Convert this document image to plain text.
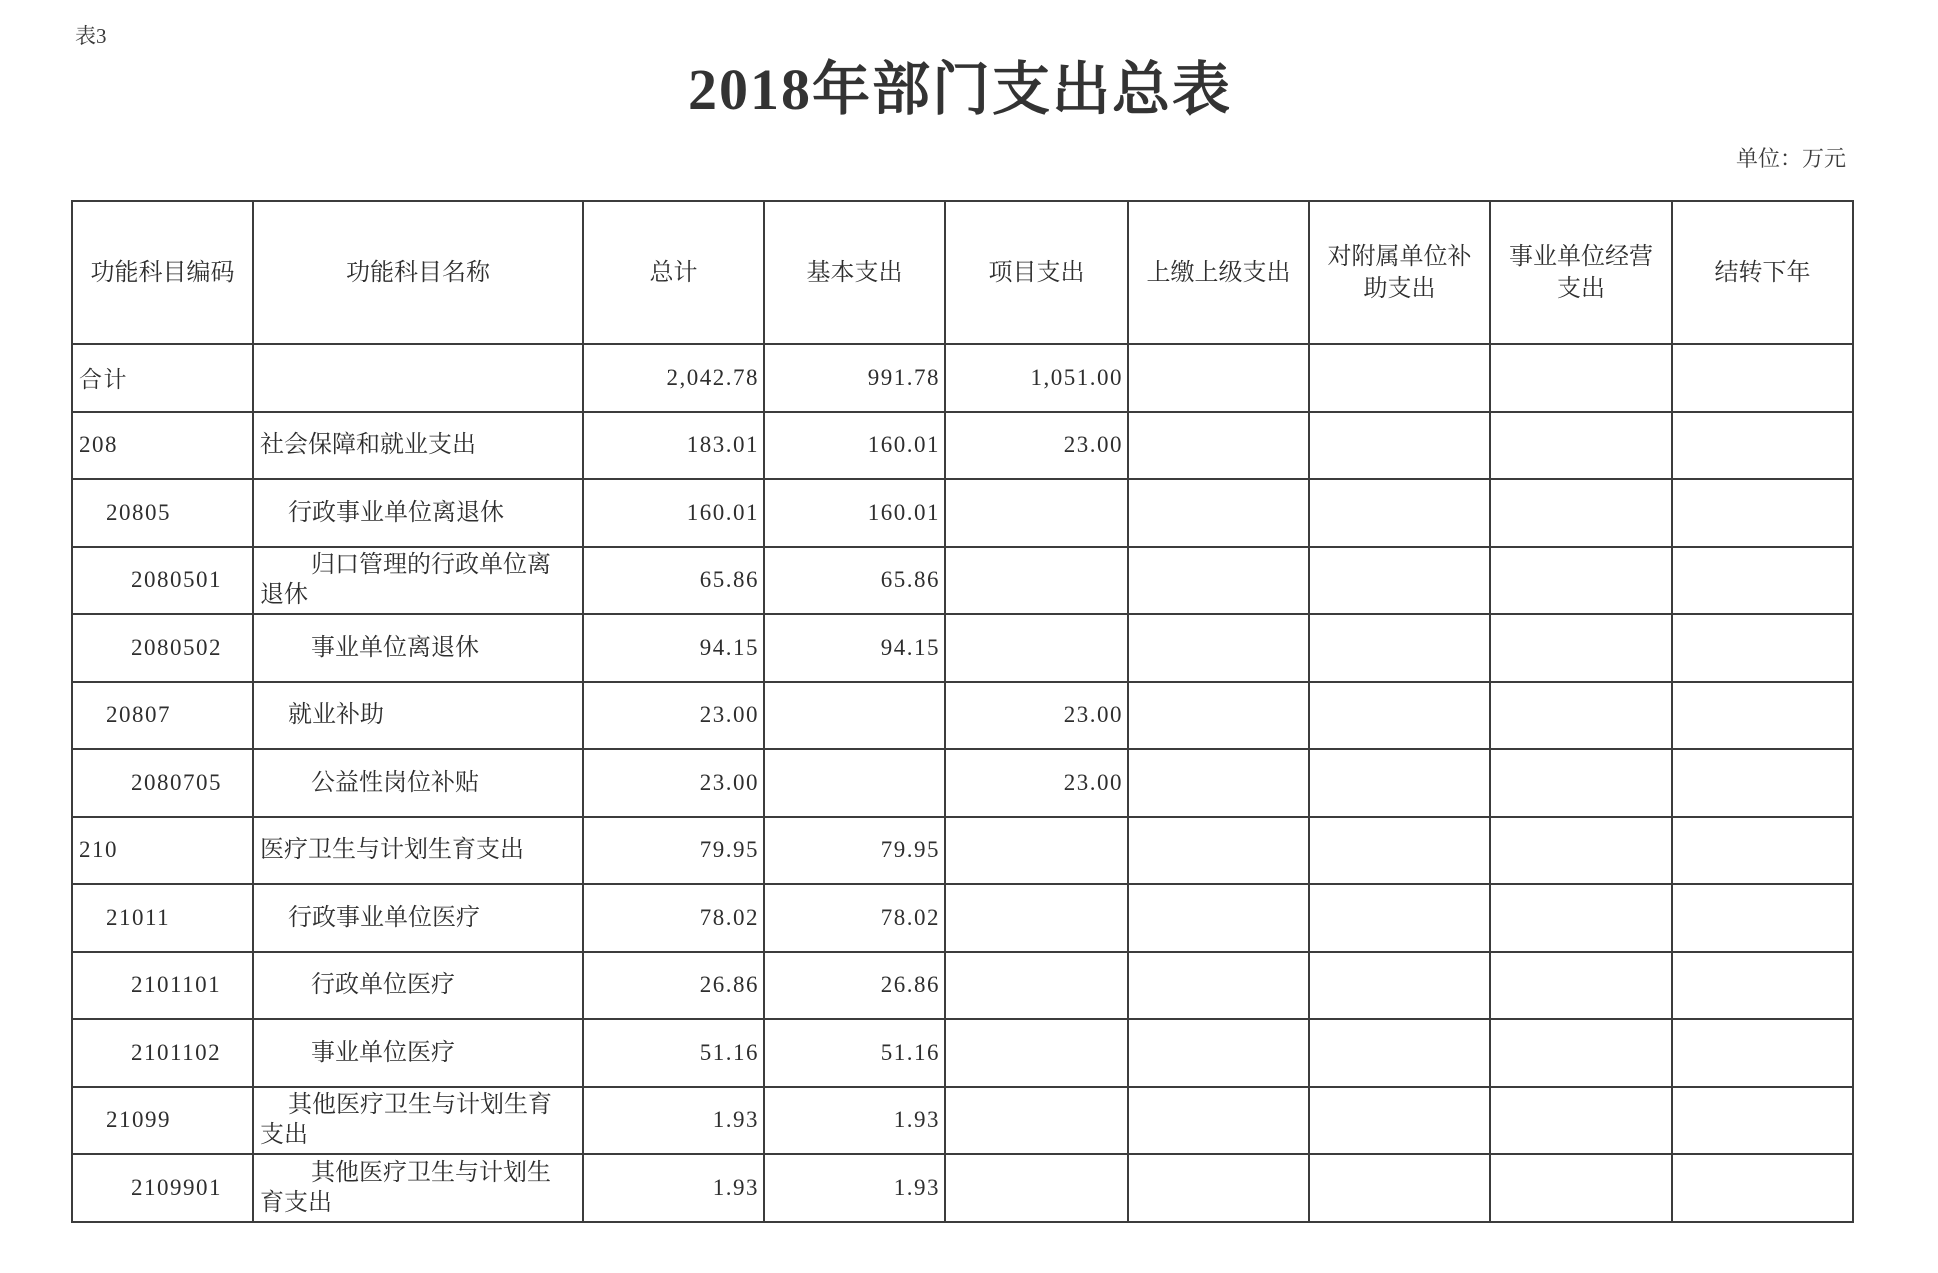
表3
2018年部门支出总表
单位：万元
功能科目编码	功能科目名称	总计	基本支出	项目支出	上缴上级支出	对附属单位补助支出	事业单位经营支出	结转下年
合计		2,042.78	991.78	1,051.00				
208	社会保障和就业支出	183.01	160.01	23.00				
20805	行政事业单位离退休	160.01	160.01					
2080501	归口管理的行政单位离退休	65.86	65.86					
2080502	事业单位离退休	94.15	94.15					
20807	就业补助	23.00		23.00				
2080705	公益性岗位补贴	23.00		23.00				
210	医疗卫生与计划生育支出	79.95	79.95					
21011	行政事业单位医疗	78.02	78.02					
2101101	行政单位医疗	26.86	26.86					
2101102	事业单位医疗	51.16	51.16					
21099	其他医疗卫生与计划生育支出	1.93	1.93					
2109901	其他医疗卫生与计划生育支出	1.93	1.93					
